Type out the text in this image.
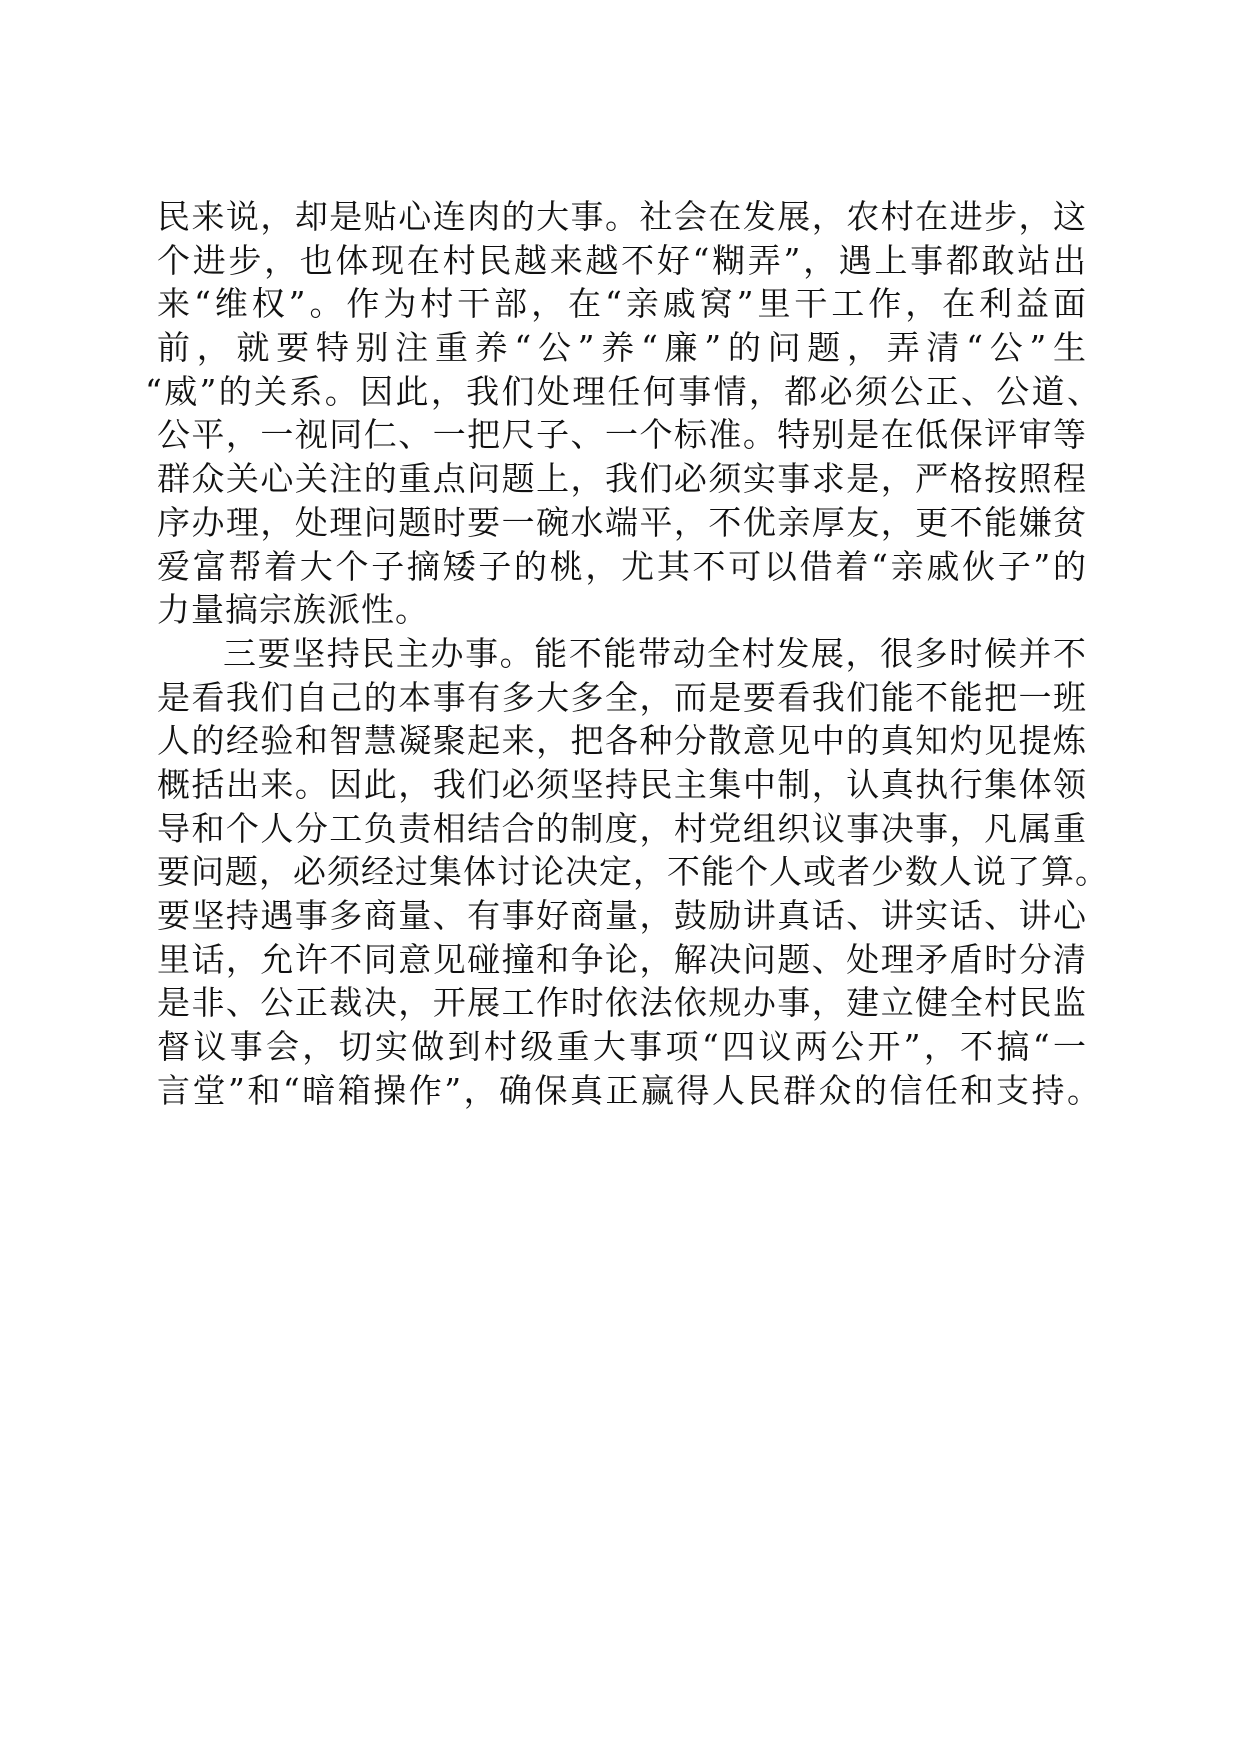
民来说，却是贴心连肉的大事。社会在发展，农村在进步，这
个进步，也体现在村民越来越不好“糊弄”，遇上事都敢站出
来“维权”。作为村干部，在“亲戚窝”里干工作，在利益面
前，就要特别注重养“公”养“廉”的问题，弄清“公”生
“威”的关系。因此，我们处理任何事情，都必须公正、公道、
公平，一视同仁、一把尺子、一个标准。特别是在低保评审等
群众关心关注的重点问题上，我们必须实事求是，严格按照程
序办理，处理问题时要一碗水端平，不优亲厚友，更不能嫌贫
爱富帮着大个子摘矮子的桃，尤其不可以借着“亲戚伙子”的
力量搞宗族派性。
三要坚持民主办事。能不能带动全村发展，很多时候并不
是看我们自己的本事有多大多全，而是要看我们能不能把一班
人的经验和智慧凝聚起来，把各种分散意见中的真知灼见提炼
概括出来。因此，我们必须坚持民主集中制，认真执行集体领
导和个人分工负责相结合的制度，村党组织议事决事，凡属重
要问题，必须经过集体讨论决定，不能个人或者少数人说了算。
要坚持遇事多商量、有事好商量，鼓励讲真话、讲实话、讲心
里话，允许不同意见碰撞和争论，解决问题、处理矛盾时分清
是非、公正裁决，开展工作时依法依规办事，建立健全村民监
督议事会，切实做到村级重大事项“四议两公开”，不搞“一
言堂”和“暗箱操作”，确保真正赢得人民群众的信任和支持。
